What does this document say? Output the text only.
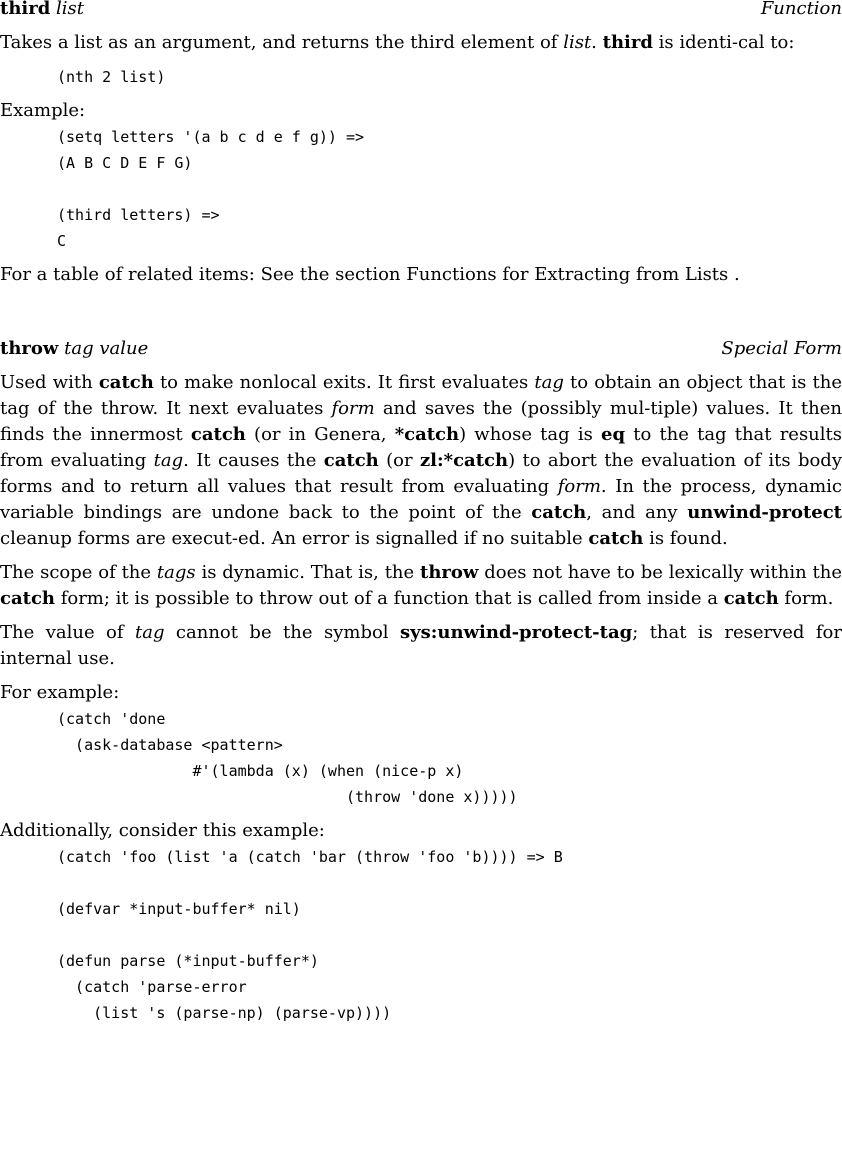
third list	Function

Takes a list as an argument, and returns the third element of list. third is identi-cal to:

(nth 2 list)

Example:

(setq letters '(a b c d e f g)) =>
(A B C D E F G)

(third letters) =>
C

For a table of related items: See the section Functions for Extracting from Lists .

throw tag value	Special Form

Used with catch to make nonlocal exits. It first evaluates tag to obtain an object that is the tag of the throw. It next evaluates form and saves the (possibly mul-tiple) values. It then finds the innermost catch (or in Genera, *catch) whose tag is eq to the tag that results from evaluating tag. It causes the catch (or zl:*catch) to abort the evaluation of its body forms and to return all values that result from evaluating form. In the process, dynamic variable bindings are undone back to the point of the catch, and any unwind-protect cleanup forms are execut-ed. An error is signalled if no suitable catch is found.

The scope of the tags is dynamic. That is, the throw does not have to be lexically within the catch form; it is possible to throw out of a function that is called from inside a catch form.

The value of tag cannot be the symbol sys:unwind-protect-tag; that is reserved for internal use.

For example:

(catch 'done
(ask-database <pattern>
#'(lambda (x) (when (nice-p x)
(throw 'done x)))))

Additionally, consider this example:

(catch 'foo (list 'a (catch 'bar (throw 'foo 'b)))) => B

(defvar *input-buffer* nil)

(defun parse (*input-buffer*)
(catch 'parse-error
(list 's (parse-np) (parse-vp))))
